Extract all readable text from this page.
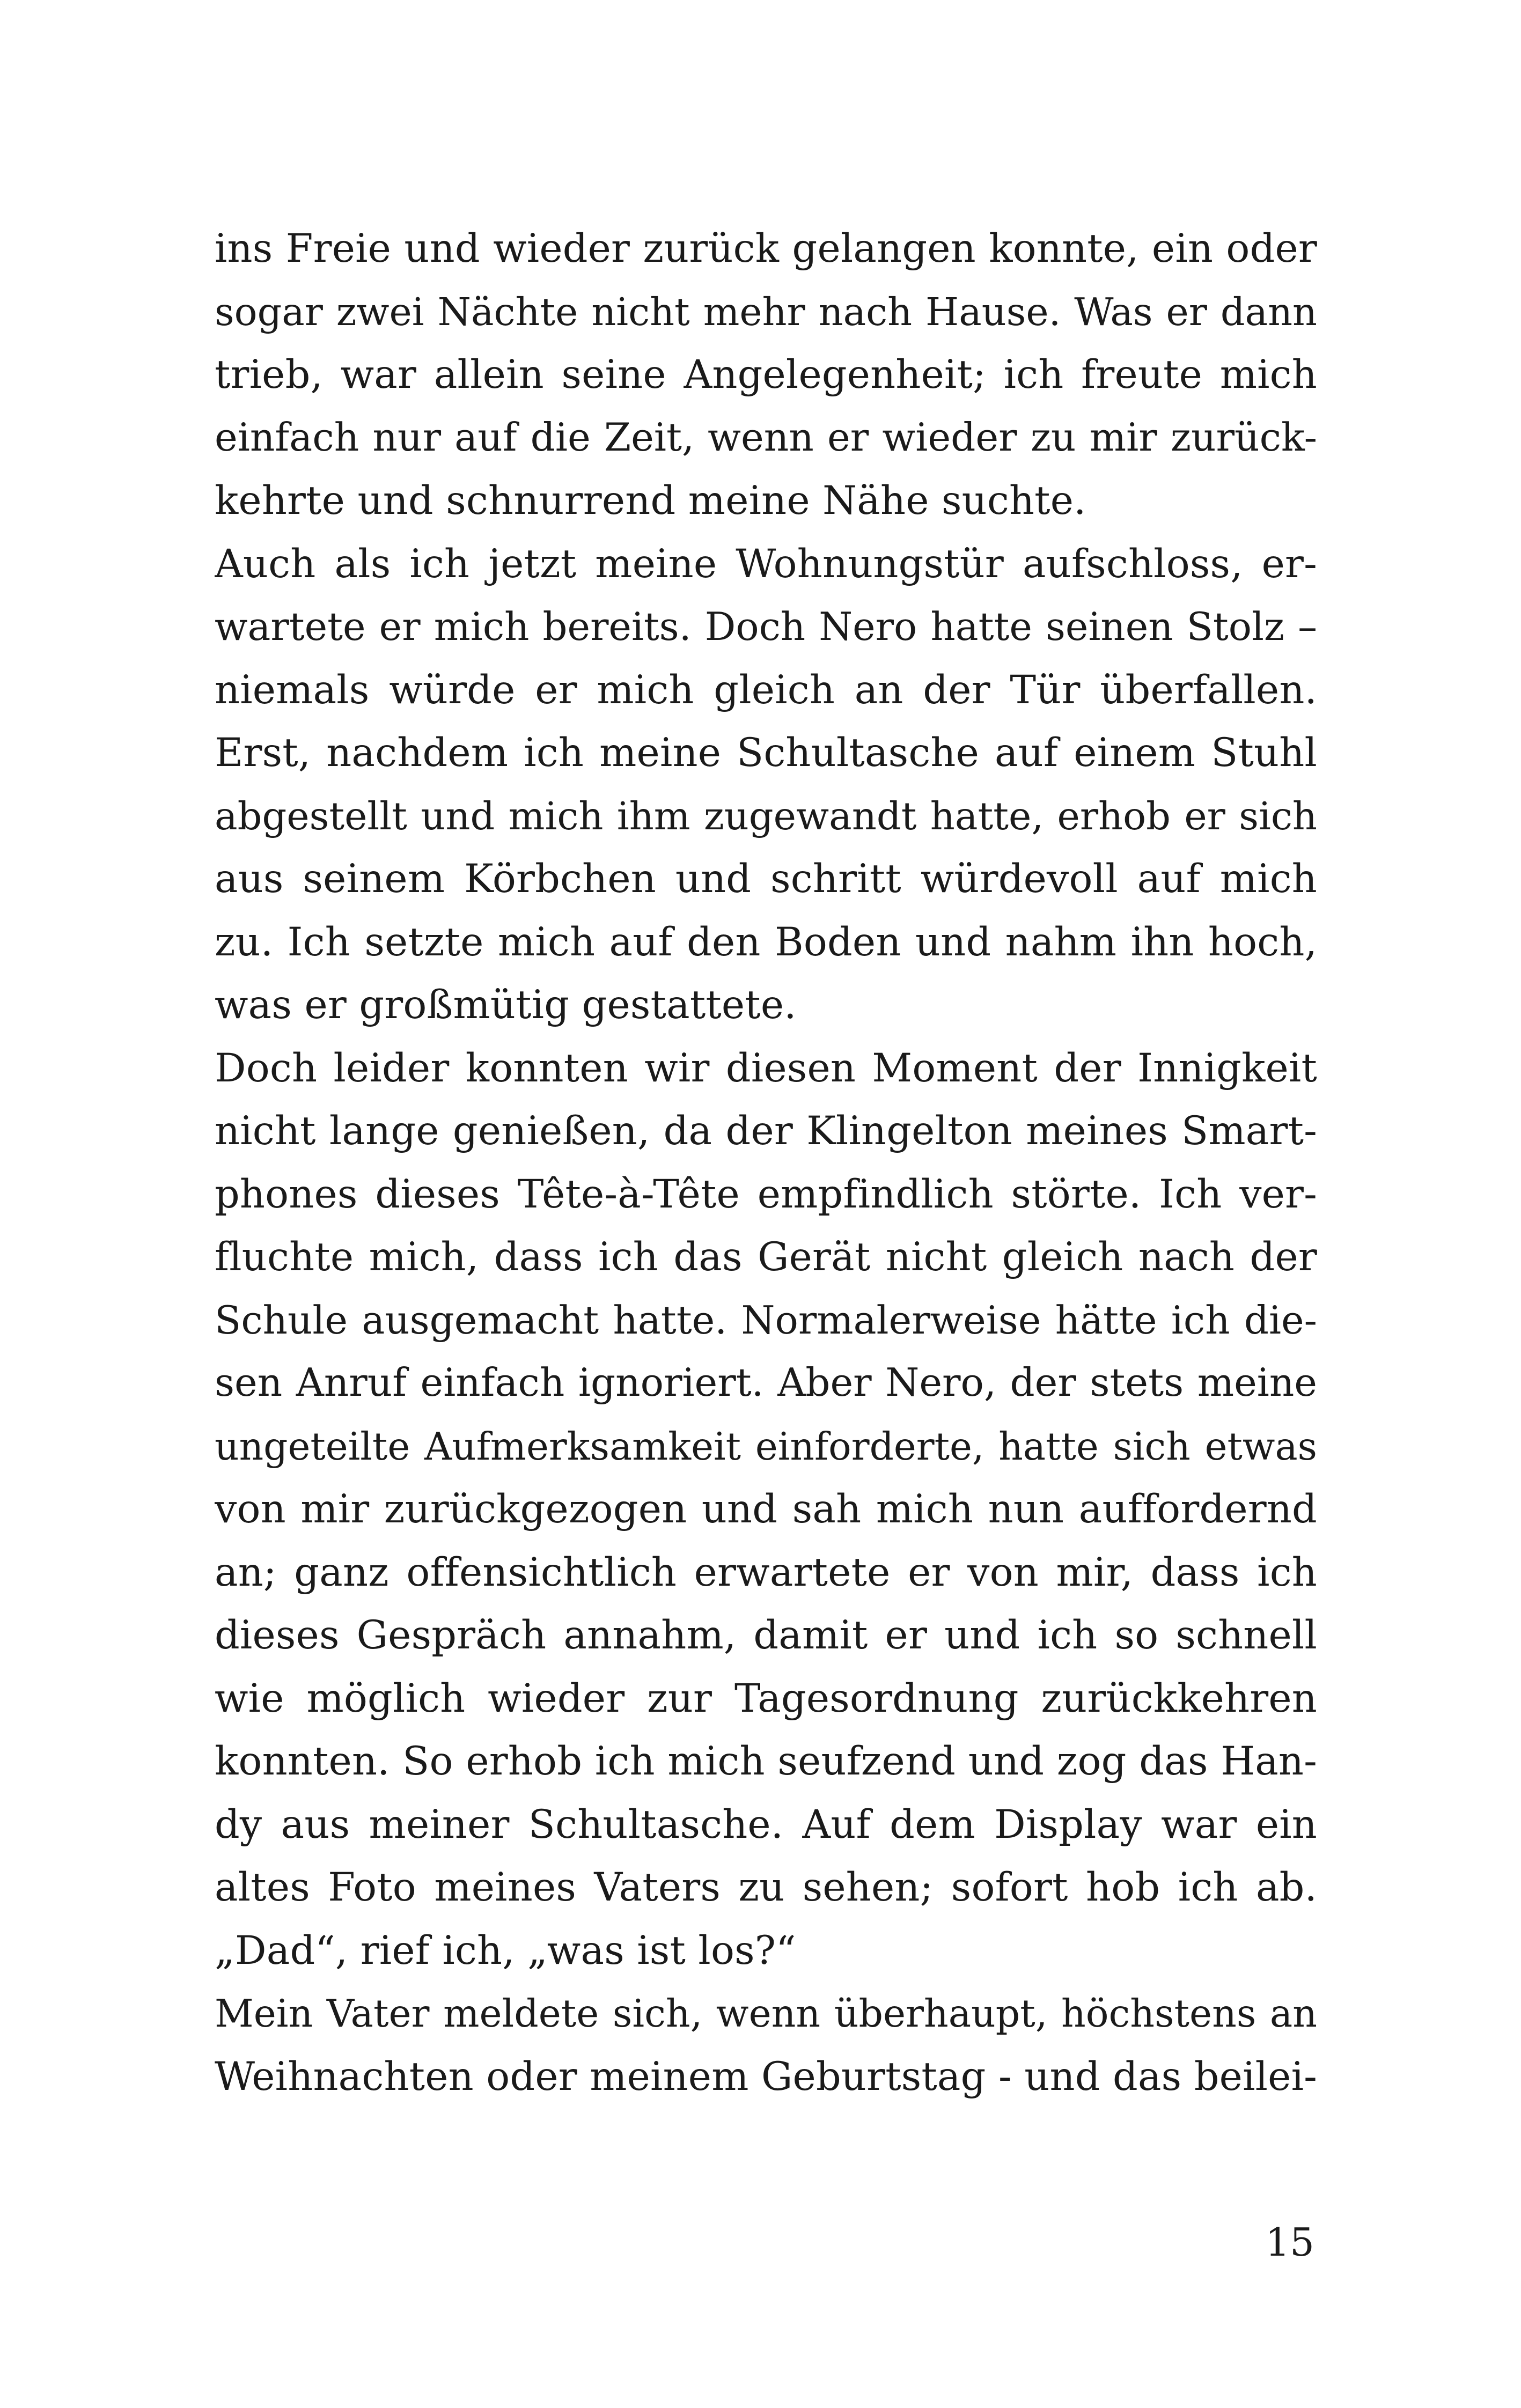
ins Freie und wieder zurück gelangen konnte, ein oder
sogar zwei Nächte nicht mehr nach Hause. Was er dann
trieb, war allein seine Angelegenheit; ich freute mich
einfach nur auf die Zeit, wenn er wieder zu mir zurück-
kehrte und schnurrend meine Nähe suchte.
Auch als ich jetzt meine Wohnungstür aufschloss, er-
wartete er mich bereits. Doch Nero hatte seinen Stolz –
niemals würde er mich gleich an der Tür überfallen.
Erst, nachdem ich meine Schultasche auf einem Stuhl
abgestellt und mich ihm zugewandt hatte, erhob er sich
aus seinem Körbchen und schritt würdevoll auf mich
zu. Ich setzte mich auf den Boden und nahm ihn hoch,
was er großmütig gestattete.
Doch leider konnten wir diesen Moment der Innigkeit
nicht lange genießen, da der Klingelton meines Smart-
phones dieses Tête-à-Tête empfindlich störte. Ich ver-
fluchte mich, dass ich das Gerät nicht gleich nach der
Schule ausgemacht hatte. Normalerweise hätte ich die-
sen Anruf einfach ignoriert. Aber Nero, der stets meine
ungeteilte Aufmerksamkeit einforderte, hatte sich etwas
von mir zurückgezogen und sah mich nun auffordernd
an; ganz offensichtlich erwartete er von mir, dass ich
dieses Gespräch annahm, damit er und ich so schnell
wie möglich wieder zur Tagesordnung zurückkehren
konnten. So erhob ich mich seufzend und zog das Han-
dy aus meiner Schultasche. Auf dem Display war ein
altes Foto meines Vaters zu sehen; sofort hob ich ab.
„Dad“, rief ich, „was ist los?“
Mein Vater meldete sich, wenn überhaupt, höchstens an
Weihnachten oder meinem Geburtstag - und das beilei-
15
